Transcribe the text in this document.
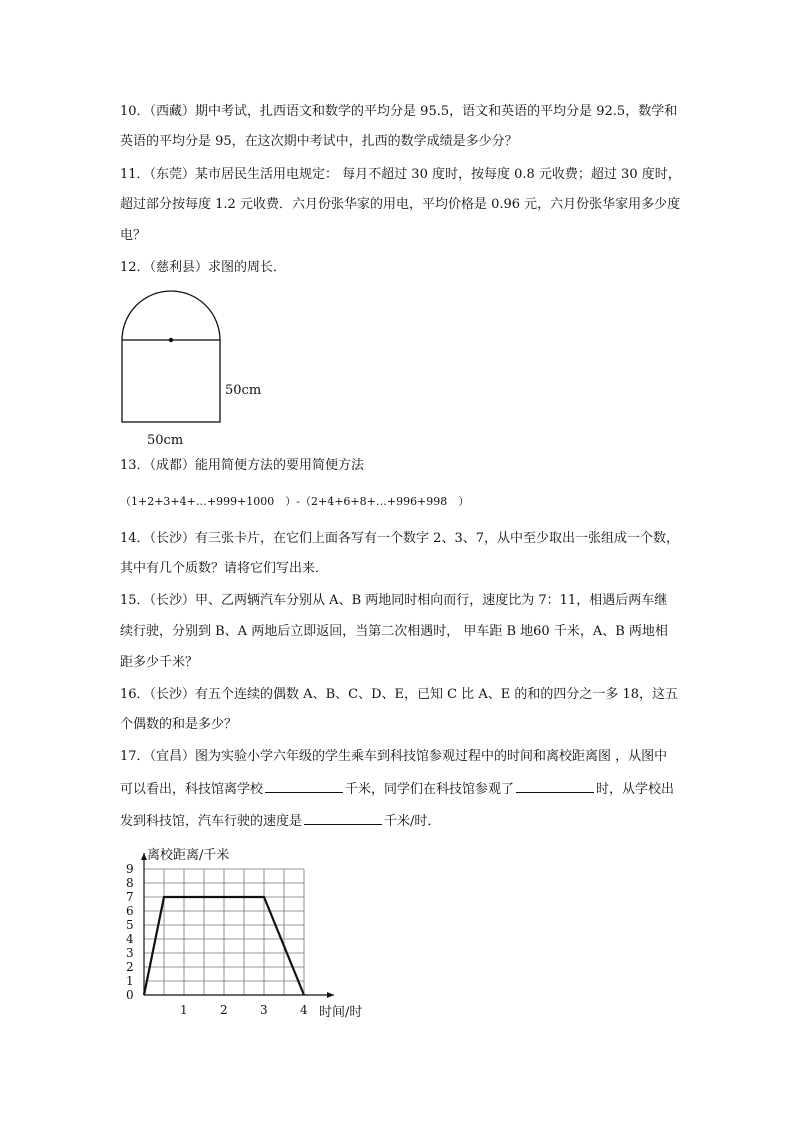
10．（西藏）期中考试，扎西语文和数学的平均分是 95.5，语文和英语的平均分是 92.5，数学和
英语的平均分是 95，在这次期中考试中，扎西的数学成绩是多少分？
11．（东莞）某市居民生活用电规定： 每月不超过 30 度时，按每度 0.8 元收费；超过 30 度时，
超过部分按每度 1.2 元收费．六月份张华家的用电，平均价格是 0.96 元，六月份张华家用多少度
电？
12．（慈利县）求图的周长．
50cm
50cm
13．（成都）能用简便方法的要用简便方法
（1+2+3+4+…+999+1000　）-（2+4+6+8+…+996+998　）
14．（长沙）有三张卡片，在它们上面各写有一个数字 2、3、7，从中至少取出一张组成一个数，
其中有几个质数？请将它们写出来．
15．（长沙）甲、乙两辆汽车分别从 A、B 两地同时相向而行，速度比为 7：11，相遇后两车继
续行驶，分别到 B、A 两地后立即返回，当第二次相遇时， 甲车距 B 地60 千米，A、B 两地相
距多少千米？
16．（长沙）有五个连续的偶数 A、B、C、D、E，已知 C 比 A、E 的和的四分之一多 18，这五
个偶数的和是多少？
17．（宜昌）图为实验小学六年级的学生乘车到科技馆参观过程中的时间和离校距离图 ，从图中
可以看出，科技馆离学校	千米，同学们在科技馆参观了	时，从学校出
发到科技馆，汽车行驶的速度是	千米/时．
0
1
2
3
4
5
6
7
8
9
1	2	3	4
离校距离/千米
时间/时
